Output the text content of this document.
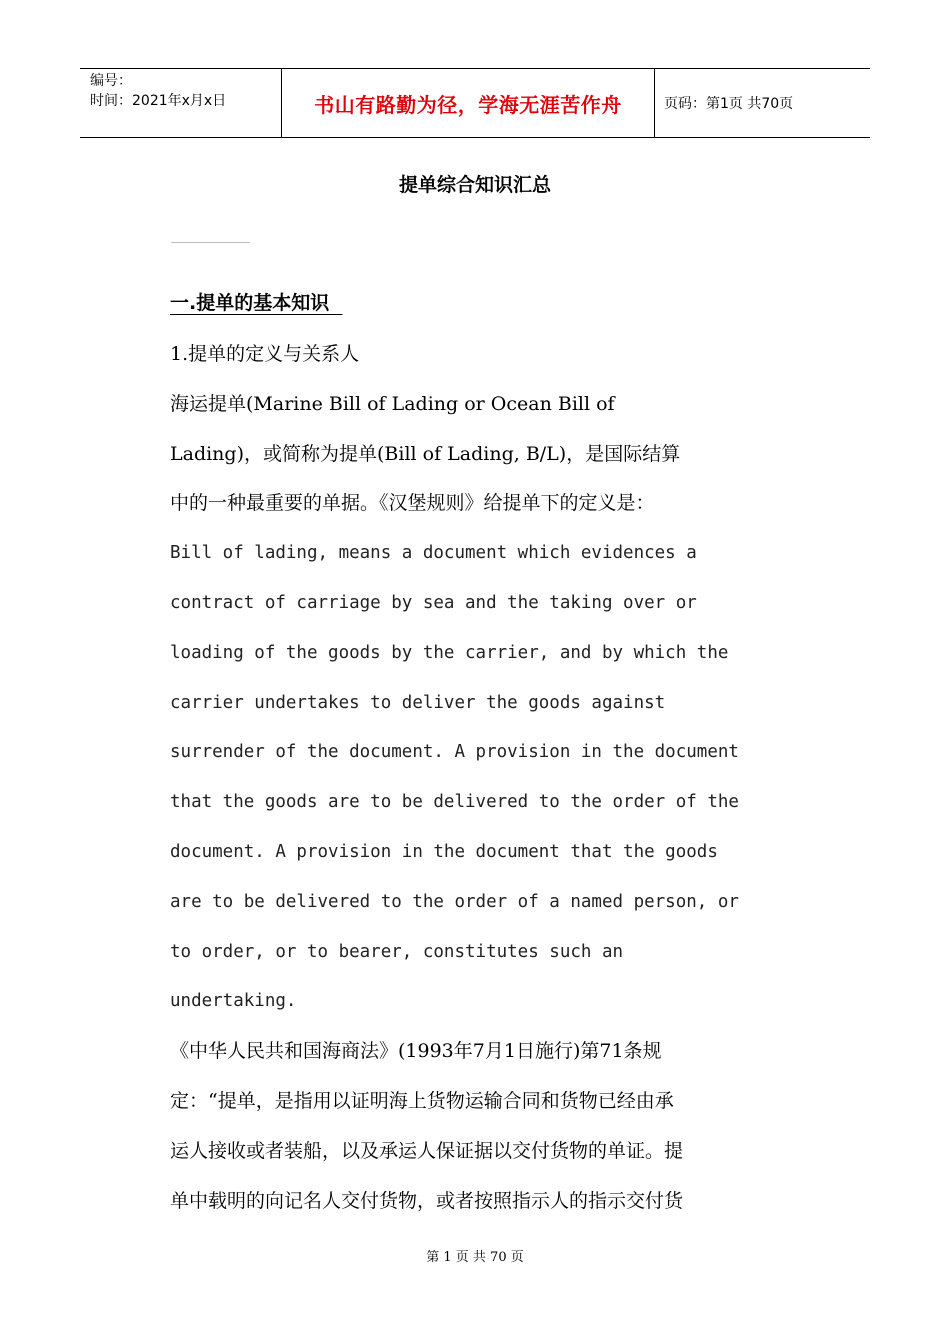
编号：
时间：2021年x月x日	书山有路勤为径，学海无涯苦作舟	页码：第1页 共70页
提单综合知识汇总
一.提单的基本知识
1.提单的定义与关系人
海运提单(Marine Bill of Lading or Ocean Bill of
Lading)，或简称为提单(Bill of Lading, B/L)，是国际结算
中的一种最重要的单据。《汉堡规则》给提单下的定义是：
Bill of lading, means a document which evidences a
contract of carriage by sea and the taking over or
loading of the goods by the carrier, and by which the
carrier undertakes to deliver the goods against
surrender of the document. A provision in the document
that the goods are to be delivered to the order of the
document. A provision in the document that the goods
are to be delivered to the order of a named person, or
to order, or to bearer, constitutes such an
undertaking.
《中华人民共和国海商法》(1993年7月1日施行)第71条规
定：“提单，是指用以证明海上货物运输合同和货物已经由承
运人接收或者装船，以及承运人保证据以交付货物的单证。提
单中载明的向记名人交付货物，或者按照指示人的指示交付货
第 1 页 共 70 页
